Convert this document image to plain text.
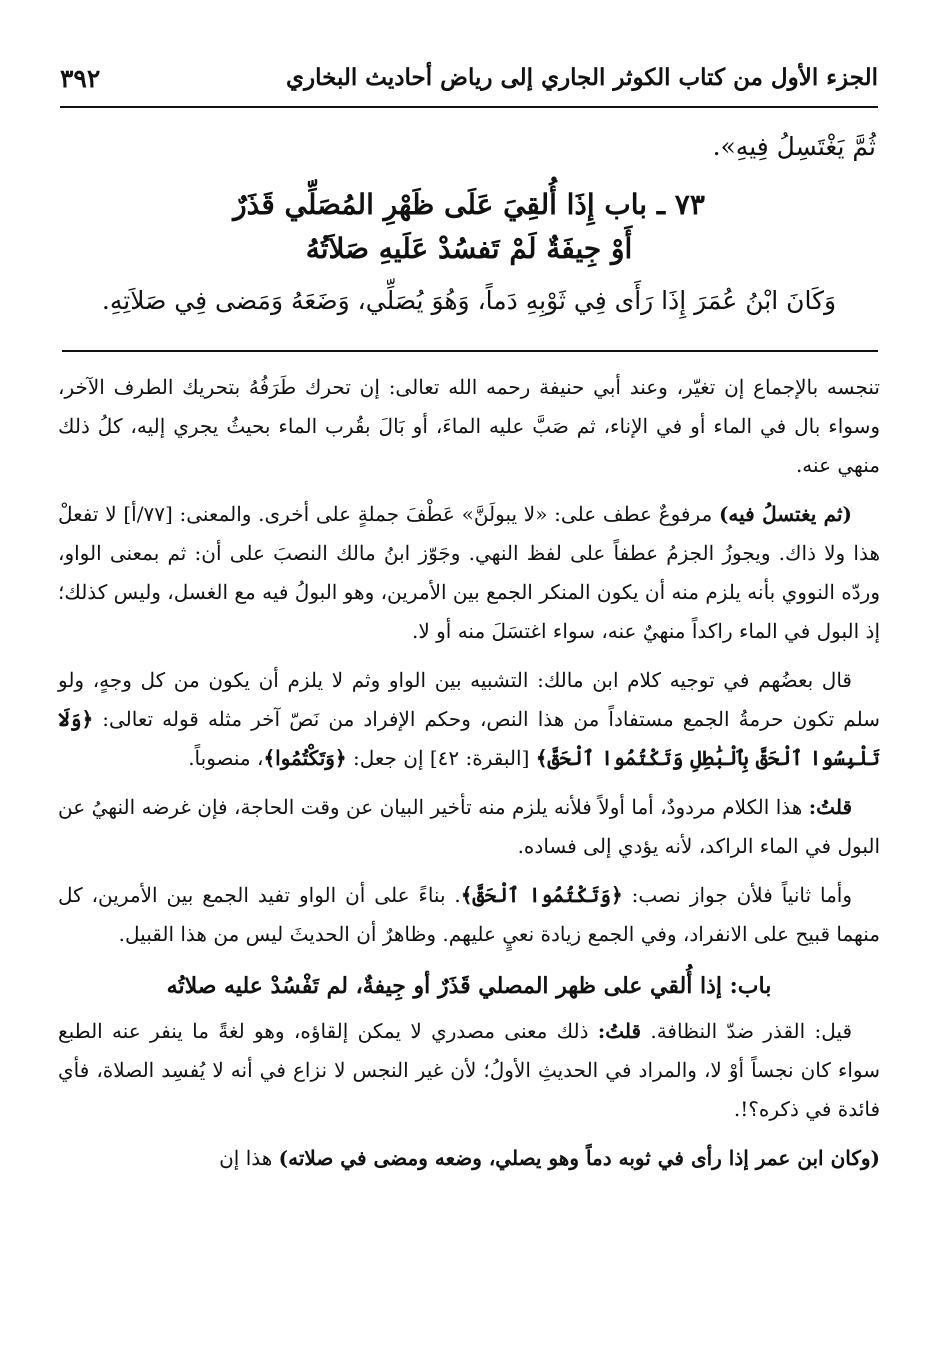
الجزء الأول من كتاب الكوثر الجاري إلى رياض أحاديث البخاري
٣٩٢
ثُمَّ يَغْتَسِلُ فِيهِ».
٧٣ ـ باب إِذَا أُلقِيَ عَلَى ظَهْرِ المُصَلِّي قَذَرٌ
أَوْ جِيفَةٌ لَمْ تَفسُدْ عَلَيهِ صَلاَتُهُ
وَكَانَ ابْنُ عُمَرَ إِذَا رَأَى فِي ثَوْبِهِ دَماً، وَهُوَ يُصَلِّي، وَضَعَهُ وَمَضى فِي صَلاَتِهِ.

تنجسه بالإجماع إن تغيّر، وعند أبي حنيفة رحمه الله تعالى: إن تحرك طَرَفُهُ بتحريك الطرف الآخر، وسواء بال في الماء أو في الإناء، ثم صَبَّ عليه الماءَ، أو بَالَ بقُرب الماء بحيثُ يجري إليه، كلُ ذلك منهي عنه.

(ثم يغتسلُ فيه) مرفوعٌ عطف على: «لا يبولَنَّ» عَطْفَ جملةٍ على أخرى. والمعنى: [٧٧/أ] لا تفعلْ هذا ولا ذاك. ويجوزُ الجزمُ عطفاً على لفظ النهي. وجَوّز ابنُ مالك النصبَ على أن: ثم بمعنى الواو، وردّه النووي بأنه يلزم منه أن يكون المنكر الجمع بين الأمرين، وهو البولُ فيه مع الغسل، وليس كذلك؛ إذ البول في الماء راكداً منهيٌ عنه، سواء اغتسَلَ منه أو لا.

قال بعضُهم في توجيه كلام ابن مالك: التشبيه بين الواو وثم لا يلزم أن يكون من كل وجهٍ، ولو سلم تكون حرمةُ الجمع مستفاداً من هذا النص، وحكم الإفراد من نَصّ آخر مثله قوله تعالى: ﴿وَلَا تَلْبِسُوا ٱلْحَقَّ بِٱلْبَٰطِلِ وَتَكْتُمُوا ٱلْحَقَّ﴾ [البقرة: ٤٢] إن جعل: ﴿وَتَكْتُمُوا﴾، منصوباً.

قلتُ: هذا الكلام مردودٌ، أما أولاً فلأنه يلزم منه تأخير البيان عن وقت الحاجة، فإن غرضه النهيُ عن البول في الماء الراكد، لأنه يؤدي إلى فساده.

وأما ثانياً فلأن جواز نصب: ﴿وَتَكْتُمُوا ٱلْحَقَّ﴾. بناءً على أن الواو تفيد الجمع بين الأمرين، كل منهما قبيح على الانفراد، وفي الجمع زيادة نعيٍ عليهم. وظاهرٌ أن الحديثَ ليس من هذا القبيل.

باب: إذا أُلقي على ظهر المصلي قَذَرٌ أو جِيفةٌ، لم تَفْسُدْ عليه صلاتُه

قيل: القذر ضدّ النظافة. قلتُ: ذلك معنى مصدري لا يمكن إلقاؤه، وهو لغةً ما ينفر عنه الطبع سواء كان نجساً أوْ لا، والمراد في الحديثِ الأولُ؛ لأن غير النجس لا نزاع في أنه لا يُفسِد الصلاة، فأي فائدة في ذكره؟!.

(وكان ابن عمر إذا رأى في ثوبه دماً وهو يصلي، وضعه ومضى في صلاته) هذا إن
